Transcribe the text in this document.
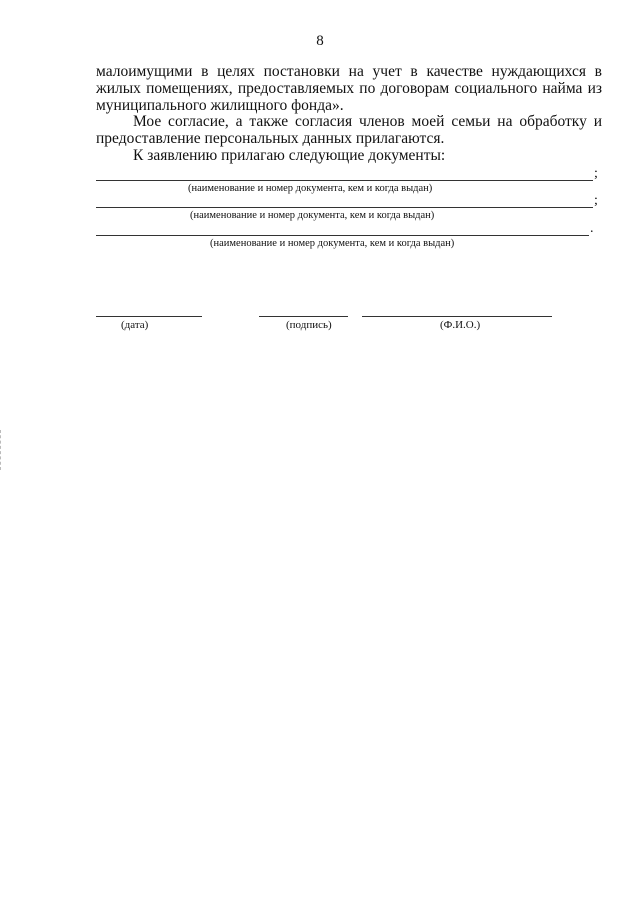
8

малоимущими в целях постановки на учет в качестве нуждающихся в жилых помещениях, предоставляемых по договорам социального найма из муниципального жилищного фонда».

Мое согласие, а также согласия членов моей семьи на обработку и предоставление персональных данных прилагаются.

К заявлению прилагаю следующие документы:

;
(наименование и номер документа, кем и когда выдан)
;
(наименование и номер документа, кем и когда выдан)
.
(наименование и номер документа, кем и когда выдан)
(дата)	(подпись)	(Ф.И.О.)
